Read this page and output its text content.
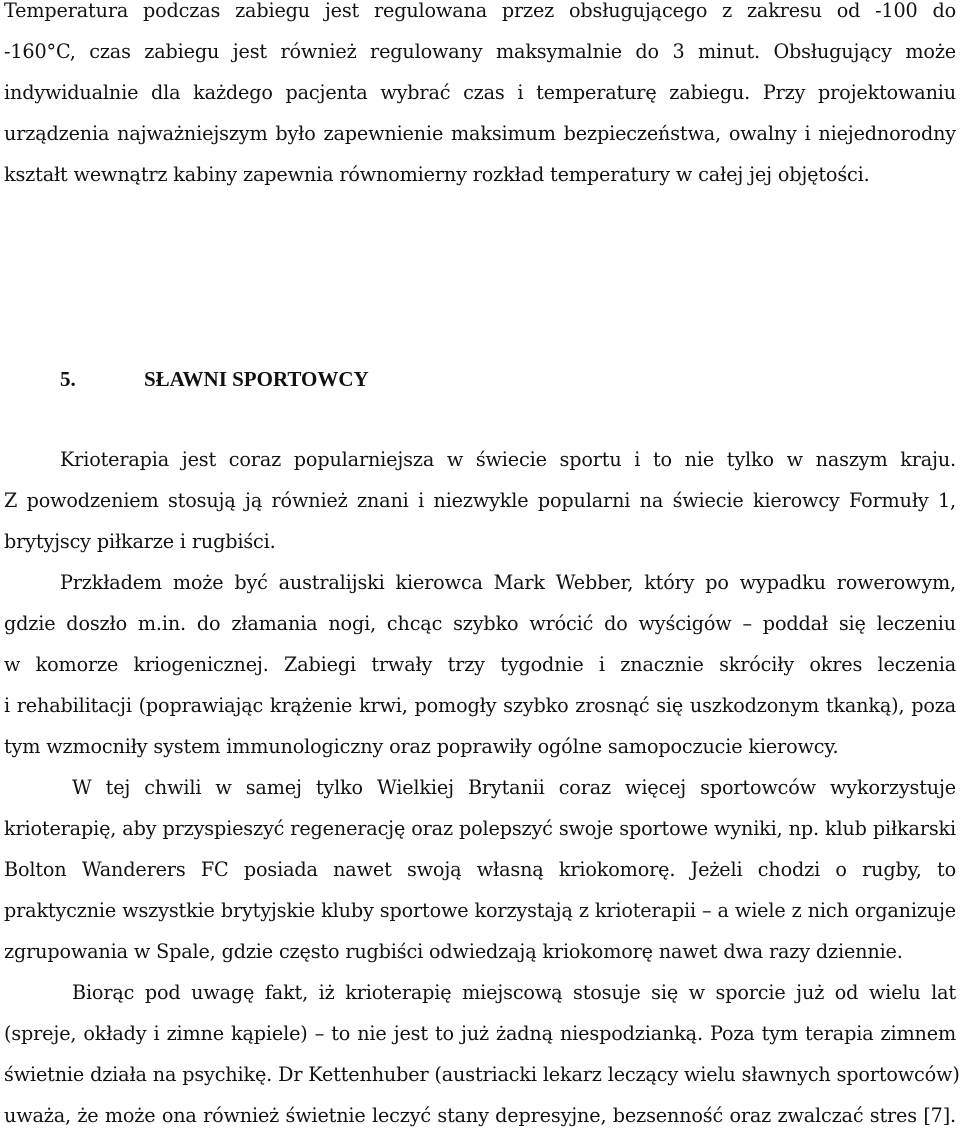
Temperatura podczas zabiegu jest regulowana przez obsługującego z zakresu od -100 do
-160°C, czas zabiegu jest również regulowany maksymalnie do 3 minut. Obsługujący może
indywidualnie dla każdego pacjenta wybrać czas i temperaturę zabiegu. Przy projektowaniu
urządzenia najważniejszym było zapewnienie maksimum bezpieczeństwa, owalny i niejednorodny
kształt wewnątrz kabiny zapewnia równomierny rozkład temperatury w całej jej objętości.
5.	SŁAWNI SPORTOWCY
Krioterapia jest coraz popularniejsza w świecie sportu i to nie tylko w naszym kraju.
Z powodzeniem stosują ją również znani i niezwykle popularni na świecie kierowcy Formuły 1,
brytyjscy piłkarze i rugbiści.
Przkładem może być australijski kierowca Mark Webber, który po wypadku rowerowym,
gdzie doszło m.in. do złamania nogi, chcąc szybko wrócić do wyścigów – poddał się leczeniu
w komorze kriogenicznej. Zabiegi trwały trzy tygodnie i znacznie skróciły okres leczenia
i rehabilitacji (poprawiając krążenie krwi, pomogły szybko zrosnąć się uszkodzonym tkanką), poza
tym wzmocniły system immunologiczny oraz poprawiły ogólne samopoczucie kierowcy.
W tej chwili w samej tylko Wielkiej Brytanii coraz więcej sportowców wykorzystuje
krioterapię, aby przyspieszyć regenerację oraz polepszyć swoje sportowe wyniki, np. klub piłkarski
Bolton Wanderers FC posiada nawet swoją własną kriokomorę. Jeżeli chodzi o rugby, to
praktycznie wszystkie brytyjskie kluby sportowe korzystają z krioterapii – a wiele z nich organizuje
zgrupowania w Spale, gdzie często rugbiści odwiedzają kriokomorę nawet dwa razy dziennie.
Biorąc pod uwagę fakt, iż krioterapię miejscową stosuje się w sporcie już od wielu lat
(spreje, okłady i zimne kąpiele) – to nie jest to już żadną niespodzianką. Poza tym terapia zimnem
świetnie działa na psychikę. Dr Kettenhuber (austriacki lekarz leczący wielu sławnych sportowców)
uważa, że może ona również świetnie leczyć stany depresyjne, bezsenność oraz zwalczać stres [7].
